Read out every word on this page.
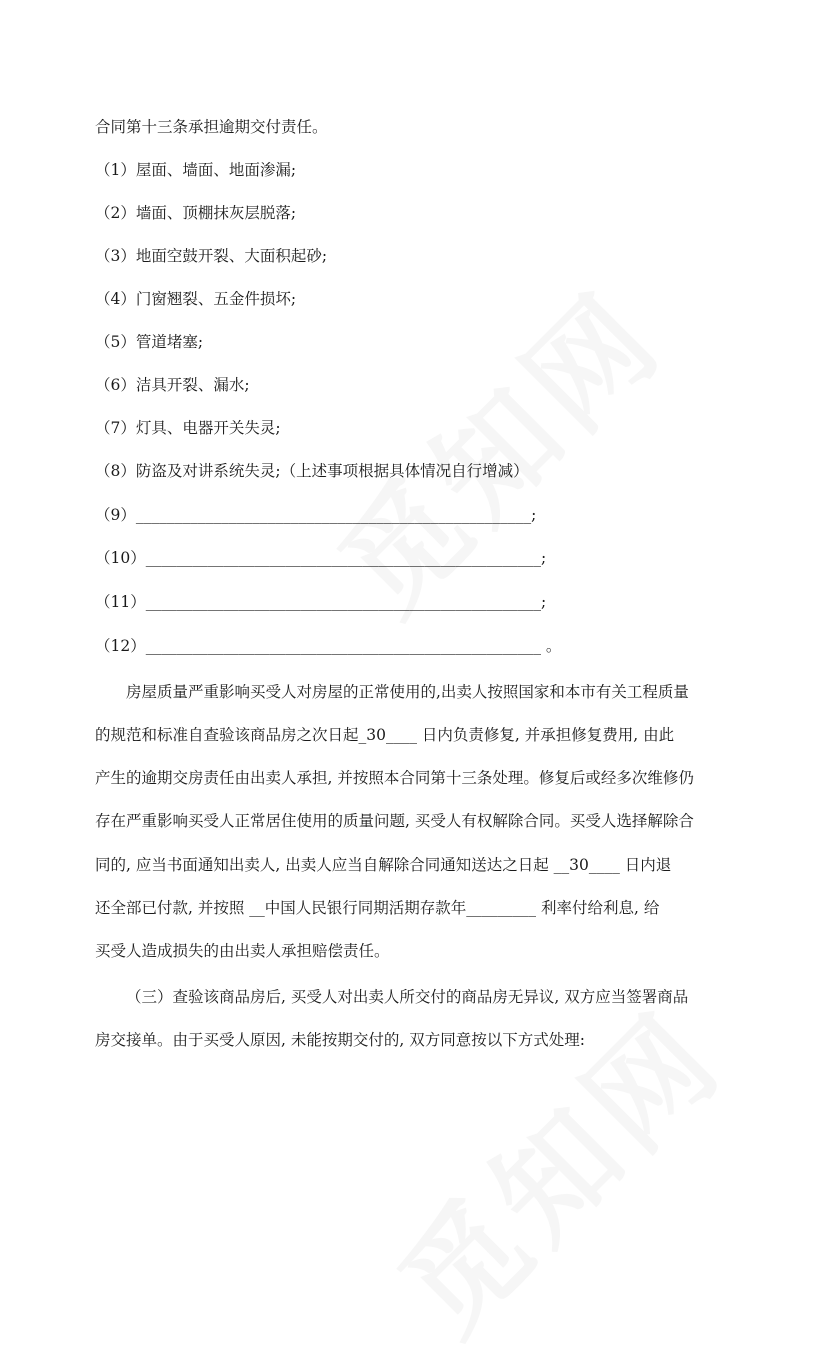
合同第十三条承担逾期交付责任。
（1）屋面、墙面、地面渗漏;
（2）墙面、顶棚抹灰层脱落;
（3）地面空鼓开裂、大面积起砂;
（4）门窗翘裂、五金件损坏;
（5）管道堵塞;
（6）洁具开裂、漏水;
（7）灯具、电器开关失灵;
（8）防盗及对讲系统失灵;（上述事项根据具体情况自行增减）
（9）___________________________________________________;
（10）___________________________________________________;
（11）___________________________________________________;
（12）___________________________________________________ 。
房屋质量严重影响买受人对房屋的正常使用的,出卖人按照国家和本市有关工程质量
的规范和标准自查验该商品房之次日起_30____ 日内负责修复, 并承担修复费用, 由此
产生的逾期交房责任由出卖人承担, 并按照本合同第十三条处理。修复后或经多次维修仍
存在严重影响买受人正常居住使用的质量问题, 买受人有权解除合同。买受人选择解除合
同的, 应当书面通知出卖人, 出卖人应当自解除合同通知送达之日起 __30____ 日内退
还全部已付款, 并按照 __中国人民银行同期活期存款年_________ 利率付给利息, 给
买受人造成损失的由出卖人承担赔偿责任。
（三）查验该商品房后, 买受人对出卖人所交付的商品房无异议, 双方应当签署商品
房交接单。由于买受人原因, 未能按期交付的, 双方同意按以下方式处理:
